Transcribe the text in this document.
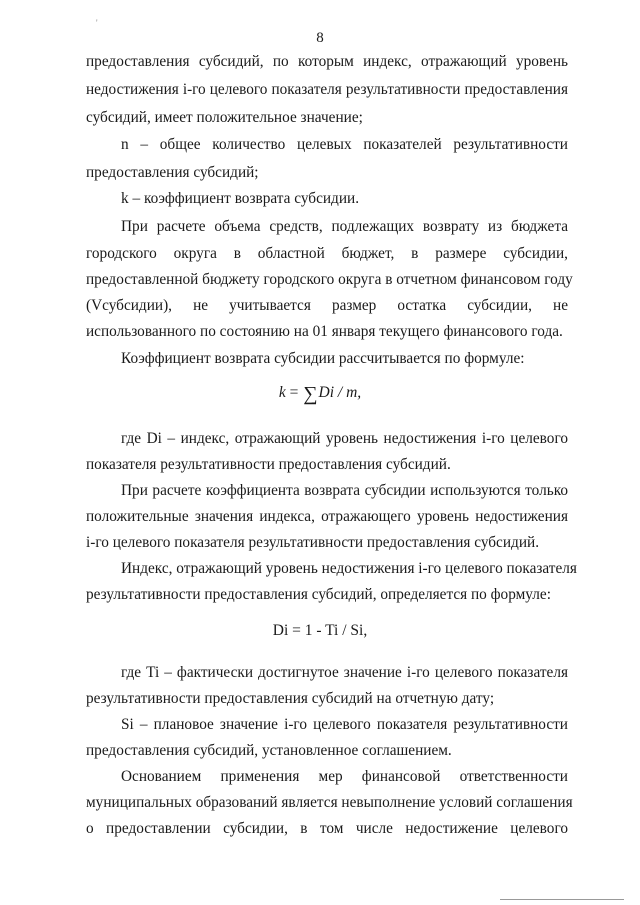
8
предоставления субсидий, по которым индекс, отражающий уровень
недостижения i-го целевого показателя результативности предоставления
субсидий, имеет положительное значение;
n – общее количество целевых показателей результативности
предоставления субсидий;
k – коэффициент возврата субсидии.
При расчете объема средств, подлежащих возврату из бюджета
городского округа в областной бюджет, в размере субсидии,
предоставленной бюджету городского округа в отчетном финансовом году
(Vсубсидии), не учитывается размер остатка субсидии, не
использованного по состоянию на 01 января текущего финансового года.
Коэффициент возврата субсидии рассчитывается по формуле:
где Di – индекс, отражающий уровень недостижения i-го целевого
показателя результативности предоставления субсидий.
При расчете коэффициента возврата субсидии используются только
положительные значения индекса, отражающего уровень недостижения
i-го целевого показателя результативности предоставления субсидий.
Индекс, отражающий уровень недостижения i-го целевого показателя
результативности предоставления субсидий, определяется по формуле:
где Ti – фактически достигнутое значение i-го целевого показателя
результативности предоставления субсидий на отчетную дату;
Si – плановое значение i-го целевого показателя результативности
предоставления субсидий, установленное соглашением.
Основанием применения мер финансовой ответственности
муниципальных образований является невыполнение условий соглашения
о предоставлении субсидии, в том числе недостижение целевого
k = ∑Di / m,
Di = 1 - Ti / Si,
'
